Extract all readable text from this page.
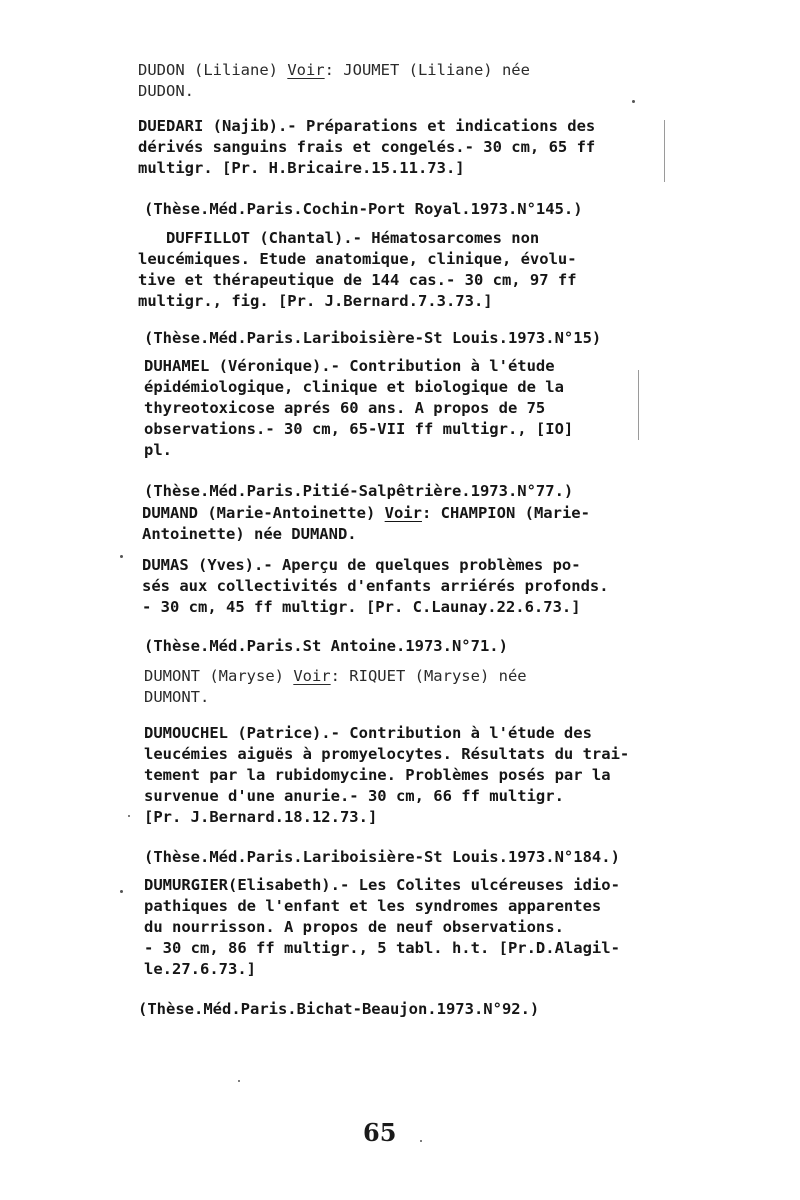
DUDON (Liliane) Voir: JOUMET (Liliane) née
DUDON.
DUEDARI (Najib).- Préparations et indications des
dérivés sanguins frais et congelés.- 30 cm, 65 ff
multigr. [Pr. H.Bricaire.15.11.73.]
(Thèse.Méd.Paris.Cochin-Port Royal.1973.N°145.)
DUFFILLOT (Chantal).- Hématosarcomes non
leucémiques. Etude anatomique, clinique, évolu-
tive et thérapeutique de 144 cas.- 30 cm, 97 ff
multigr., fig. [Pr. J.Bernard.7.3.73.]
(Thèse.Méd.Paris.Lariboisière-St Louis.1973.N°15)
DUHAMEL (Véronique).- Contribution à l'étude
épidémiologique, clinique et biologique de la
thyreotoxicose aprés 60 ans. A propos de 75
observations.- 30 cm, 65-VII ff multigr., [IO]
pl.
(Thèse.Méd.Paris.Pitié-Salpêtrière.1973.N°77.)
DUMAND (Marie-Antoinette) Voir: CHAMPION (Marie-
Antoinette) née DUMAND.
DUMAS (Yves).- Aperçu de quelques problèmes po-
sés aux collectivités d'enfants arriérés profonds.
- 30 cm, 45 ff multigr. [Pr. C.Launay.22.6.73.]
(Thèse.Méd.Paris.St Antoine.1973.N°71.)
DUMONT (Maryse) Voir: RIQUET (Maryse) née
DUMONT.
DUMOUCHEL (Patrice).- Contribution à l'étude des
leucémies aiguës à promyelocytes. Résultats du trai-
tement par la rubidomycine. Problèmes posés par la
survenue d'une anurie.- 30 cm, 66 ff multigr.
[Pr. J.Bernard.18.12.73.]
(Thèse.Méd.Paris.Lariboisière-St Louis.1973.N°184.)
DUMURGIER(Elisabeth).- Les Colites ulcéreuses idio-
pathiques de l'enfant et les syndromes apparentes
du nourrisson. A propos de neuf observations.
- 30 cm, 86 ff multigr., 5 tabl. h.t. [Pr.D.Alagil-
le.27.6.73.]
(Thèse.Méd.Paris.Bichat-Beaujon.1973.N°92.)
65
